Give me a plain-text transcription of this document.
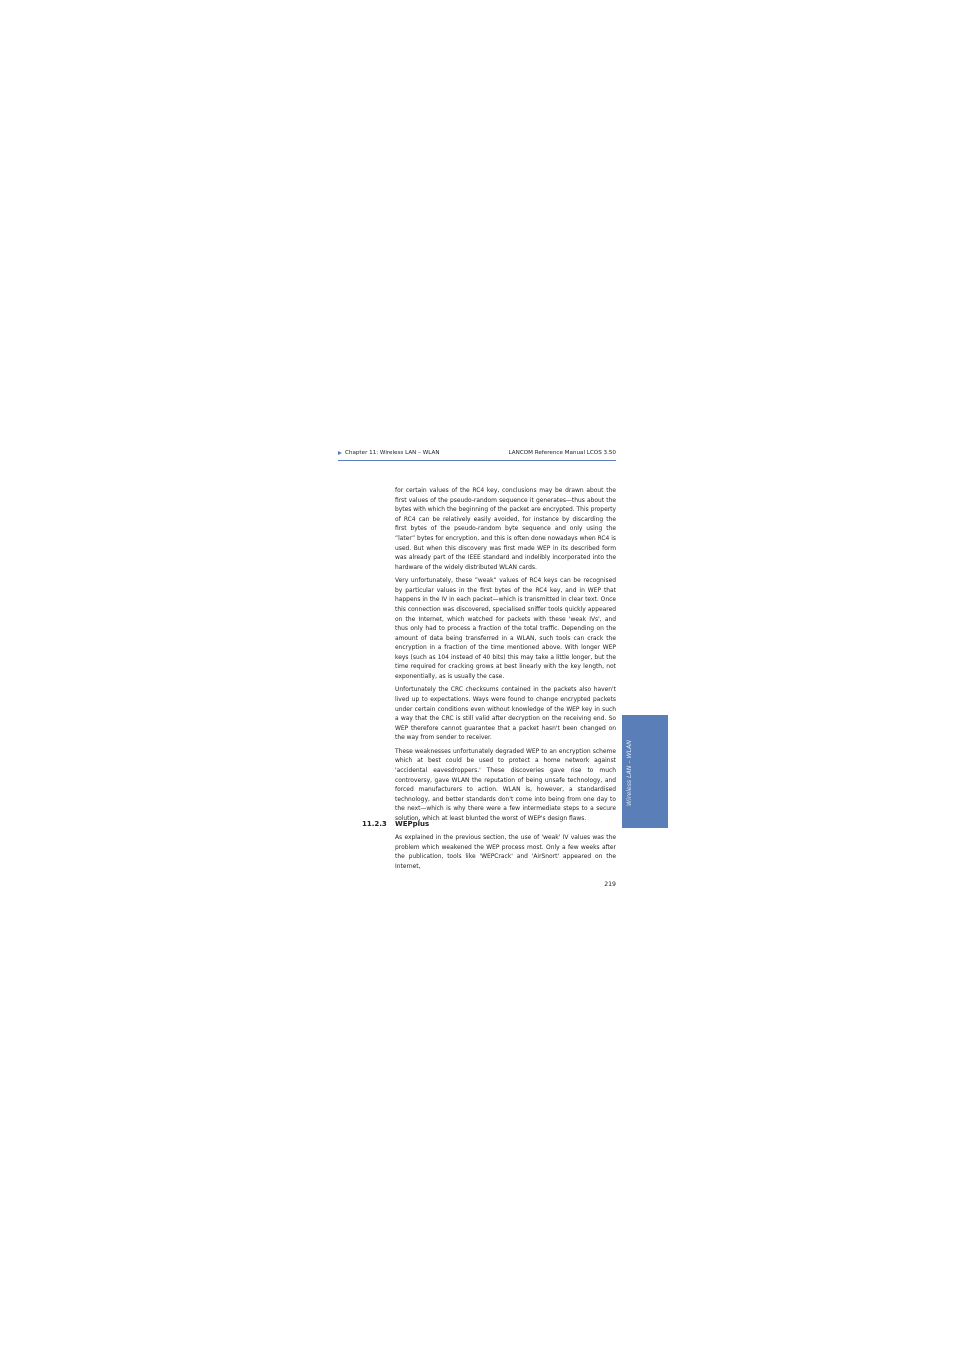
Chapter 11: Wireless LAN – WLAN	LANCOM Reference Manual LCOS 3.50

for certain values of the RC4 key, conclusions may be drawn about the first values of the pseudo-random sequence it generates—thus about the bytes with which the beginning of the packet are encrypted. This property of RC4 can be relatively easily avoided, for instance by discarding the first bytes of the pseudo-random byte sequence and only using the ”later” bytes for encryption, and this is often done nowadays when RC4 is used. But when this discovery was first made WEP in its described form was already part of the IEEE standard and indelibly incorporated into the hardware of the widely distributed WLAN cards.

Very unfortunately, these ”weak” values of RC4 keys can be recognised by particular values in the first bytes of the RC4 key, and in WEP that happens in the IV in each packet—which is transmitted in clear text. Once this connection was discovered, specialised sniffer tools quickly appeared on the Internet, which watched for packets with these 'weak IVs', and thus only had to process a fraction of the total traffic. Depending on the amount of data being transferred in a WLAN, such tools can crack the encryption in a fraction of the time mentioned above. With longer WEP keys (such as 104 instead of 40 bits) this may take a little longer, but the time required for cracking grows at best linearly with the key length, not exponentially, as is usually the case.

Unfortunately the CRC checksums contained in the packets also haven't lived up to expectations. Ways were found to change encrypted packets under certain conditions even without knowledge of the WEP key in such a way that the CRC is still valid after decryption on the receiving end. So WEP therefore cannot guarantee that a packet hasn't been changed on the way from sender to receiver.

These weaknesses unfortunately degraded WEP to an encryption scheme which at best could be used to protect a home network against 'accidental eavesdroppers.' These discoveries gave rise to much controversy, gave WLAN the reputation of being unsafe technology, and forced manufacturers to action. WLAN is, however, a standardised technology, and better standards don't come into being from one day to the next—which is why there were a few intermediate steps to a secure solution, which at least blunted the worst of WEP's design flaws.

11.2.3 WEPplus

As explained in the previous section, the use of 'weak' IV values was the problem which weakened the WEP process most. Only a few weeks after the publication, tools like 'WEPCrack' and 'AirSnort' appeared on the Internet,

219
Wireless LAN – WLAN
